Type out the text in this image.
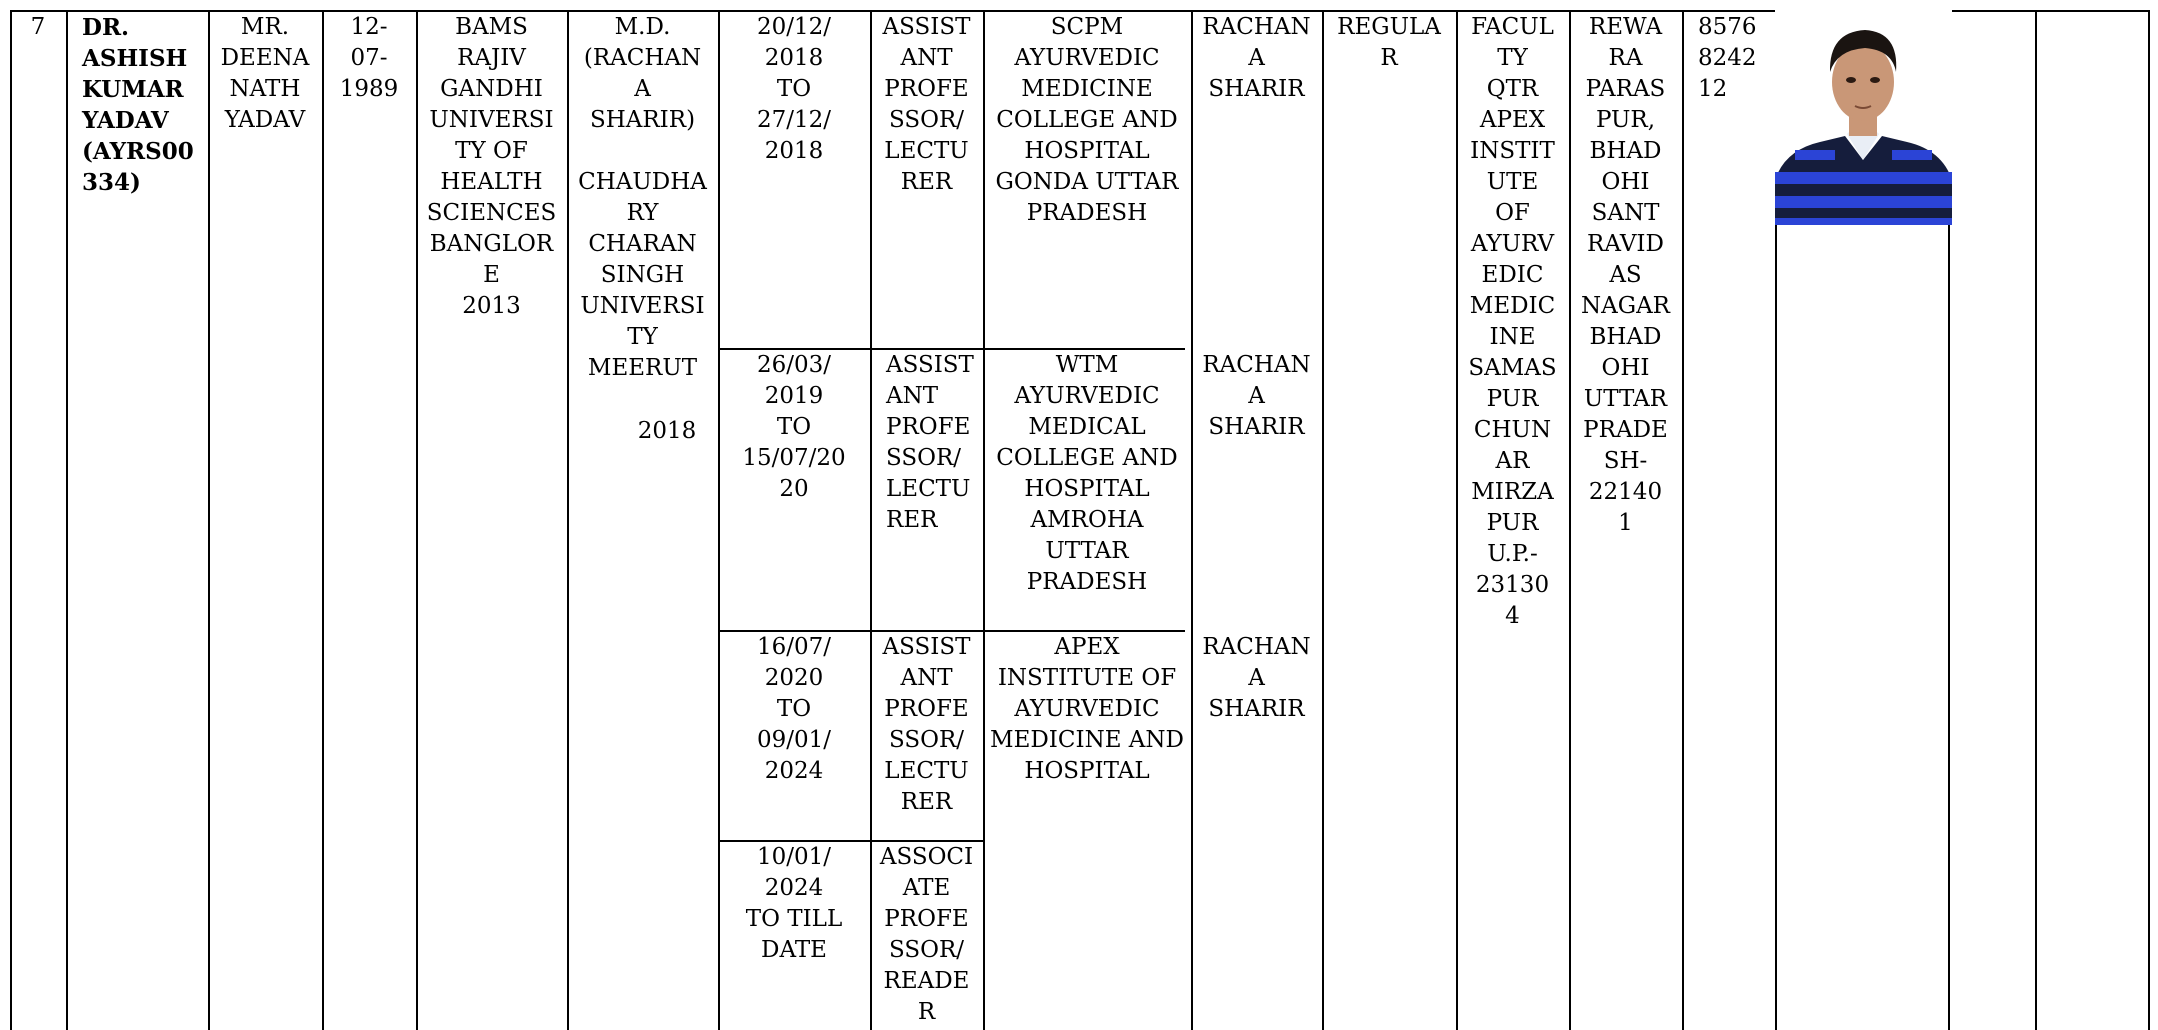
7	DR.
ASHISH
KUMAR
YADAV
(AYRS00
334)
MR.
DEENA
NATH
YADAV
12-
07-
1989
BAMS
RAJIV
GANDHI
UNIVERSI
TY OF
HEALTH
SCIENCES
BANGLOR
E
2013
M.D.
(RACHAN
A
SHARIR)

CHAUDHA
RY
CHARAN
SINGH
UNIVERSI
TY
MEERUT
2018
20/12/
2018
TO
27/12/
2018
ASSIST
ANT
PROFE
SSOR/
LECTU
RER
SCPM
AYURVEDIC
MEDICINE
COLLEGE AND
HOSPITAL
GONDA UTTAR
PRADESH
RACHAN
A
SHARIR
26/03/
2019
TO
15/07/20
20
ASSIST
ANT
PROFE
SSOR/
LECTU
RER
WTM
AYURVEDIC
MEDICAL
COLLEGE AND
HOSPITAL
AMROHA
UTTAR
PRADESH
RACHAN
A
SHARIR
16/07/
2020
TO
09/01/
2024
ASSIST
ANT
PROFE
SSOR/
LECTU
RER
APEX
INSTITUTE OF
AYURVEDIC
MEDICINE AND
HOSPITAL
RACHAN
A
SHARIR
10/01/
2024
TO TILL
DATE
ASSOCI
ATE
PROFE
SSOR/
READE
R
REGULA
R
FACUL
TY
QTR
APEX
INSTIT
UTE
OF
AYURV
EDIC
MEDIC
INE
SAMAS
PUR
CHUN
AR
MIRZA
PUR
U.P.-
23130
4
REWA
RA
PARAS
PUR,
BHAD
OHI
SANT
RAVID
AS
NAGAR
BHAD
OHI
UTTAR
PRADE
SH-
22140
1
8576
8242
12
